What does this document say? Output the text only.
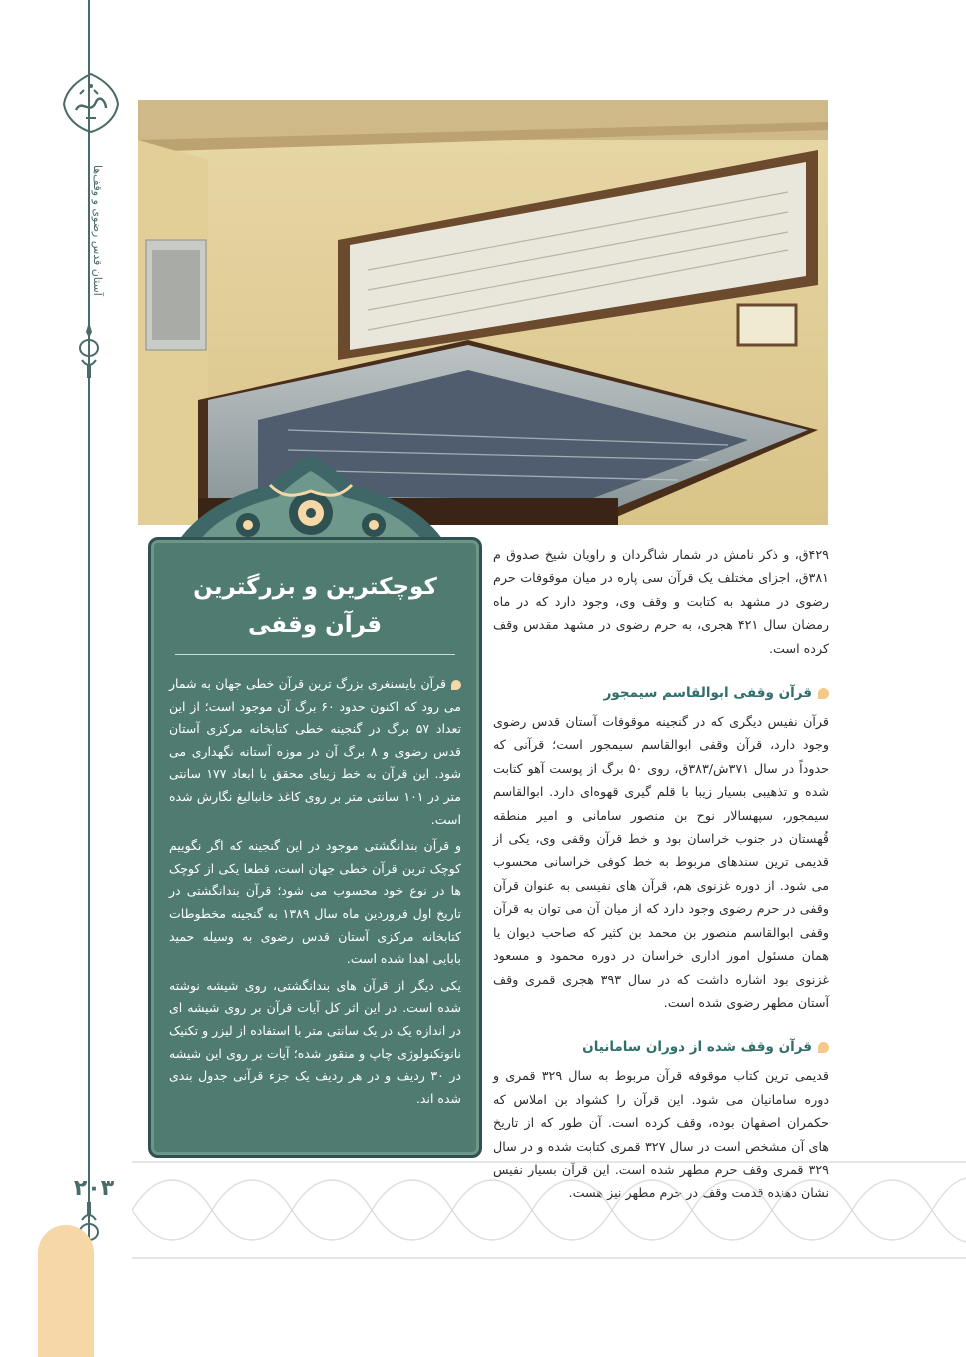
آستان قدس رضوی و وقف‌ها
۲۰۳
کوچکترین و بزرگترین
قرآن وقفی

قرآن بایسنغری بزرگ ترین قرآن خطی جهان به شمار می رود که اکنون حدود ۶۰ برگ آن موجود است؛ از این تعداد ۵۷ برگ در گنجینه خطی کتابخانه مرکزی آستان قدس رضوی و ۸ برگ آن در موزه آستانه نگهداری می شود. این قرآن به خط زیبای محقق با ابعاد ۱۷۷ سانتی متر در ۱۰۱ سانتی متر بر روی کاغذ خانبالیغ نگارش شده است.

و قرآن بندانگشتی موجود در این گنجینه که اگر نگوییم کوچک ترین قرآن خطی جهان است، قطعا یکی از کوچک ها در نوع خود محسوب می شود؛ قرآن بندانگشتی در تاریخ اول فروردین ماه سال ۱۳۸۹ به گنجینه مخطوطات کتابخانه مرکزی آستان قدس رضوی به وسیله حمید بابایی اهدا شده است.

یکی دیگر از قرآن های بندانگشتی، روی شیشه نوشته شده است. در این اثر کل آیات قرآن بر روی شیشه ای در اندازه یک در یک سانتی متر با استفاده از لیزر و تکنیک نانوتکنولوژی چاپ و منقور شده؛ آیات بر روی این شیشه در ۳۰ ردیف و در هر ردیف یک جزء قرآنی جدول بندی شده اند.

۴۲۹ق، و ذکر نامش در شمار شاگردان و راویان شیخ صدوق م ۳۸۱ق، اجزای مختلف یک قرآن سی پاره در میان موقوفات حرم رضوی در مشهد به کتابت و وقف وی، وجود دارد که در ماه رمضان سال ۴۲۱ هجری، به حرم رضوی در مشهد مقدس وقف کرده است.

قرآن وقفی ابوالقاسم سیمجور

قرآن نفیس دیگری که در گنجینه موقوفات آستان قدس رضوی وجود دارد، قرآن وقفی ابوالقاسم سیمجور است؛ قرآنی که حدوداً در سال ۳۷۱ش/۳۸۳ق، روی ۵۰ برگ از پوست آهو کتابت شده و تذهیبی بسیار زیبا با قلم گیری قهوه‌ای دارد. ابوالقاسم سیمجور، سپهسالار نوح بن منصور سامانی و امیر منطقه قُهستان در جنوب خراسان بود و خط قرآن وقفی وی، یکی از قدیمی ترین سندهای مربوط به خط کوفی خراسانی محسوب می شود. از دوره غزنوی هم، قرآن های نفیسی به عنوان قرآن وقفی در حرم رضوی وجود دارد که از میان آن می توان به قرآن وقفی ابوالقاسم منصور بن محمد بن کثیر که صاحب دیوان یا همان مسئول امور اداری خراسان در دوره محمود و مسعود غزنوی بود اشاره داشت که در سال ۳۹۳ هجری قمری وقف آستان مطهر رضوی شده است.

قرآن وقف شده از دوران سامانیان

قدیمی ترین کتاب موقوفه قرآن مربوط به سال ۳۲۹ قمری و دوره سامانیان می شود. این قرآن را کشواد بن املاس که حکمران اصفهان بوده، وقف کرده است. آن طور که از تاریخ های آن مشخص است در سال ۳۲۷ قمری کتابت شده و در سال ۳۲۹ قمری وقف حرم مطهر شده است. این قرآن بسیار نفیس نشان دهنده قدمت وقف در حرم مطهر نیز هست.
